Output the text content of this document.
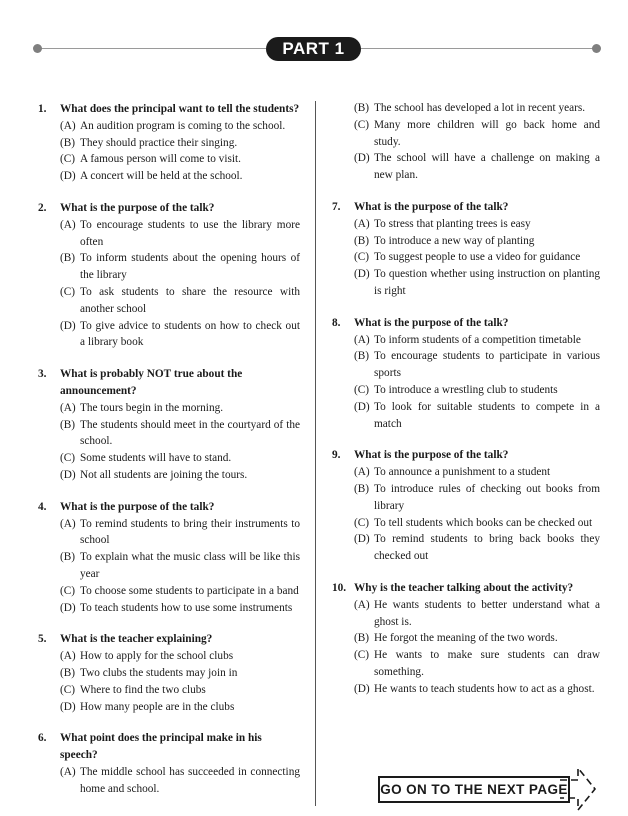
PART 1
1.	What does the principal want to tell the students?
(A) An audition program is coming to the school.
(B) They should practice their singing.
(C) A famous person will come to visit.
(D) A concert will be held at the school.
2.	What is the purpose of the talk?
(A) To encourage students to use the library more often
(B) To inform students about the opening hours of the library
(C) To ask students to share the resource with another school
(D) To give advice to students on how to check out a library book
3.	What is probably NOT true about the announcement?
(A) The tours begin in the morning.
(B) The students should meet in the courtyard of the school.
(C) Some students will have to stand.
(D) Not all students are joining the tours.
4.	What is the purpose of the talk?
(A) To remind students to bring their instruments to school
(B) To explain what the music class will be like this year
(C) To choose some students to participate in a band
(D) To teach students how to use some instruments
5.	What is the teacher explaining?
(A) How to apply for the school clubs
(B) Two clubs the students may join in
(C) Where to find the two clubs
(D) How many people are in the clubs
6.	What point does the principal make in his speech?
(A) The middle school has succeeded in connecting home and school.
(B) The school has developed a lot in recent years.
(C) Many more children will go back home and study.
(D) The school will have a challenge on making a new plan.
7.	What is the purpose of the talk?
(A) To stress that planting trees is easy
(B) To introduce a new way of planting
(C) To suggest people to use a video for guidance
(D) To question whether using instruction on planting is right
8.	What is the purpose of the talk?
(A) To inform students of a competition timetable
(B) To encourage students to participate in various sports
(C) To introduce a wrestling club to students
(D) To look for suitable students to compete in a match
9.	What is the purpose of the talk?
(A) To announce a punishment to a student
(B) To introduce rules of checking out books from library
(C) To tell students which books can be checked out
(D) To remind students to bring back books they checked out
10. Why is the teacher talking about the activity?
(A) He wants students to better understand what a ghost is.
(B) He forgot the meaning of the two words.
(C) He wants to make sure students can draw something.
(D) He wants to teach students how to act as a ghost.
GO ON TO THE NEXT PAGE
